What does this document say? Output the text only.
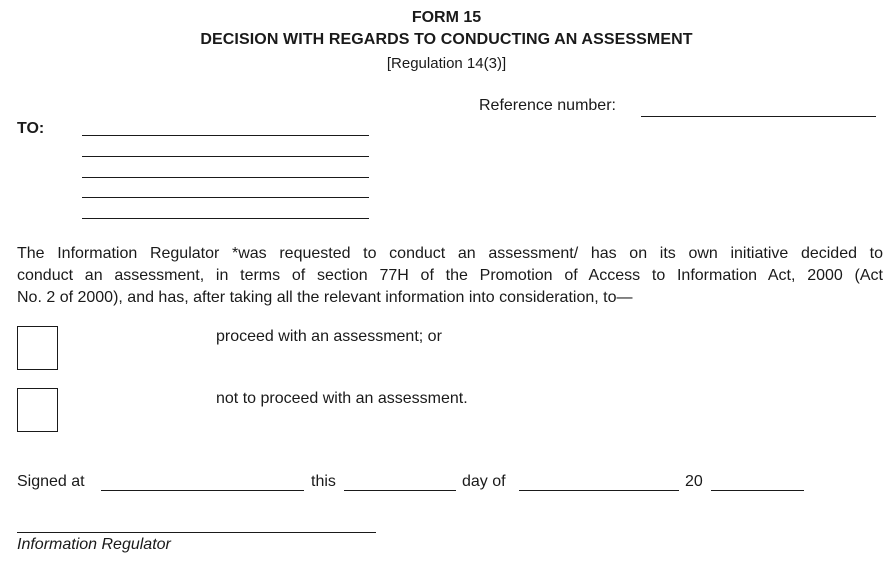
FORM 15
DECISION WITH REGARDS TO CONDUCTING AN ASSESSMENT
[Regulation 14(3)]
Reference number:
TO:
The Information Regulator *was requested to conduct an assessment/ has on its own initiative decided to
conduct an assessment, in terms of section 77H of the Promotion of Access to Information Act, 2000 (Act
No. 2 of 2000), and has, after taking all the relevant information into consideration, to—
proceed with an assessment; or
not to proceed with an assessment.
Signed at	this	day of	20
Information Regulator
